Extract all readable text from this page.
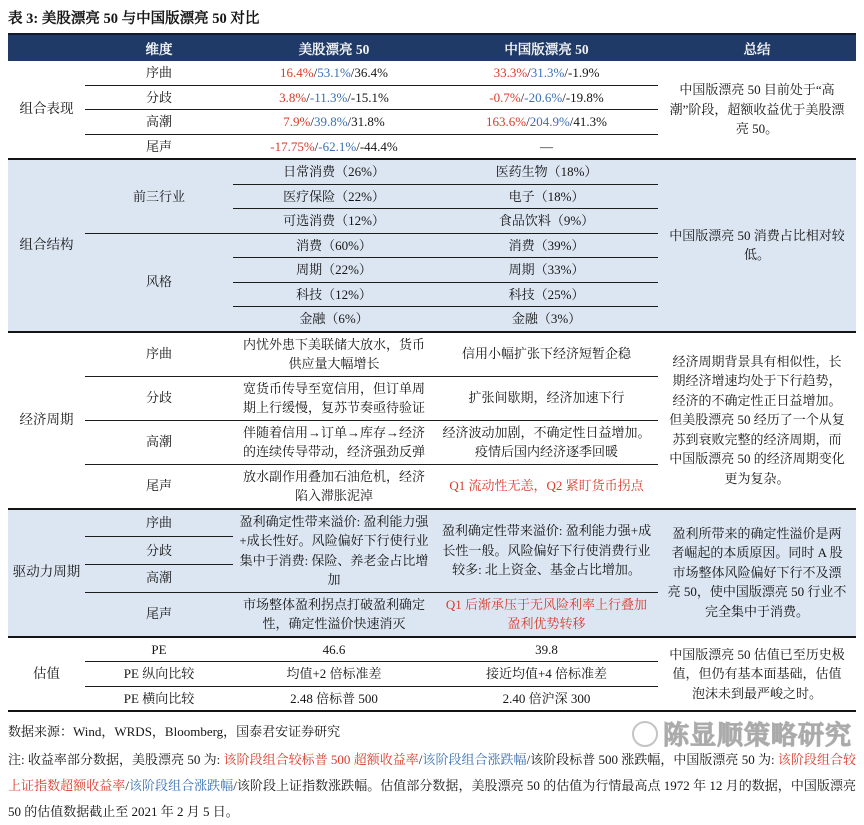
表 3: 美股漂亮 50 与中国版漂亮 50 对比
	维度	美股漂亮 50	中国版漂亮 50	总结
组合表现	序曲	16.4%/53.1%/36.4%	33.3%/31.3%/-1.9%	中国版漂亮 50 目前处于“高潮”阶段，超额收益优于美股漂亮 50。
	分歧	3.8%/-11.3%/-15.1%	-0.7%/-20.6%/-19.8%	
	高潮	7.9%/39.8%/31.8%	163.6%/204.9%/41.3%	
	尾声	-17.75%/-62.1%/-44.4%	—	
组合结构	前三行业	日常消费（26%）	医药生物（18%）	中国版漂亮 50 消费占比相对较低。
		医疗保险（22%）	电子（18%）	
		可选消费（12%）	食品饮料（9%）	
	风格	消费（60%）	消费（39%）	
		周期（22%）	周期（33%）	
		科技（12%）	科技（25%）	
		金融（6%）	金融（3%）	
经济周期	序曲	内忧外患下美联储大放水，货币供应量大幅增长	信用小幅扩张下经济短暂企稳	经济周期背景具有相似性，长期经济增速均处于下行趋势，经济的不确定性正日益增加。但美股漂亮 50 经历了一个从复苏到衰败完整的经济周期，而中国版漂亮 50 的经济周期变化更为复杂。
	分歧	宽货币传导至宽信用，但订单周期上行缓慢，复苏节奏亟待验证	扩张间歇期，经济加速下行	
	高潮	伴随着信用→订单→库存→经济的连续传导带动，经济强劲反弹	经济波动加剧，不确定性日益增加。疫情后国内经济逐季回暖	
	尾声	放水副作用叠加石油危机，经济陷入滞胀泥淖	Q1 流动性无恙，Q2 紧盯货币拐点	
驱动力周期	序曲	盈利确定性带来溢价: 盈利能力强+成长性好。风险偏好下行使行业集中于消费: 保险、养老金占比增加	盈利确定性带来溢价: 盈利能力强+成长性一般。风险偏好下行使消费行业较多: 北上资金、基金占比增加。	盈利所带来的确定性溢价是两者崛起的本质原因。同时 A 股市场整体风险偏好下行不及漂亮 50，使中国版漂亮 50 行业不完全集中于消费。
	分歧			
	高潮			
	尾声	市场整体盈利拐点打破盈利确定性，确定性溢价快速消灭	Q1 后渐承压于无风险利率上行叠加盈利优势转移	
估值	PE	46.6	39.8	中国版漂亮 50 估值已至历史极值，但仍有基本面基础，估值泡沫未到最严峻之时。
	PE 纵向比较	均值+2 倍标准差	接近均值+4 倍标准差	
	PE 横向比较	2.48 倍标普 500	2.40 倍沪深 300	
数据来源：Wind，WRDS，Bloomberg，国泰君安证券研究
注: 收益率部分数据，美股漂亮 50 为: 该阶段组合较标普 500 超额收益率/该阶段组合涨跌幅/该阶段标普 500 涨跌幅，中国版漂亮 50 为: 该阶段组合较上证指数超额收益率/该阶段组合涨跌幅/该阶段上证指数涨跌幅。估值部分数据，美股漂亮 50 的估值为行情最高点 1972 年 12 月的数据，中国版漂亮 50 的估值数据截止至 2021 年 2 月 5 日。
陈显顺策略研究
